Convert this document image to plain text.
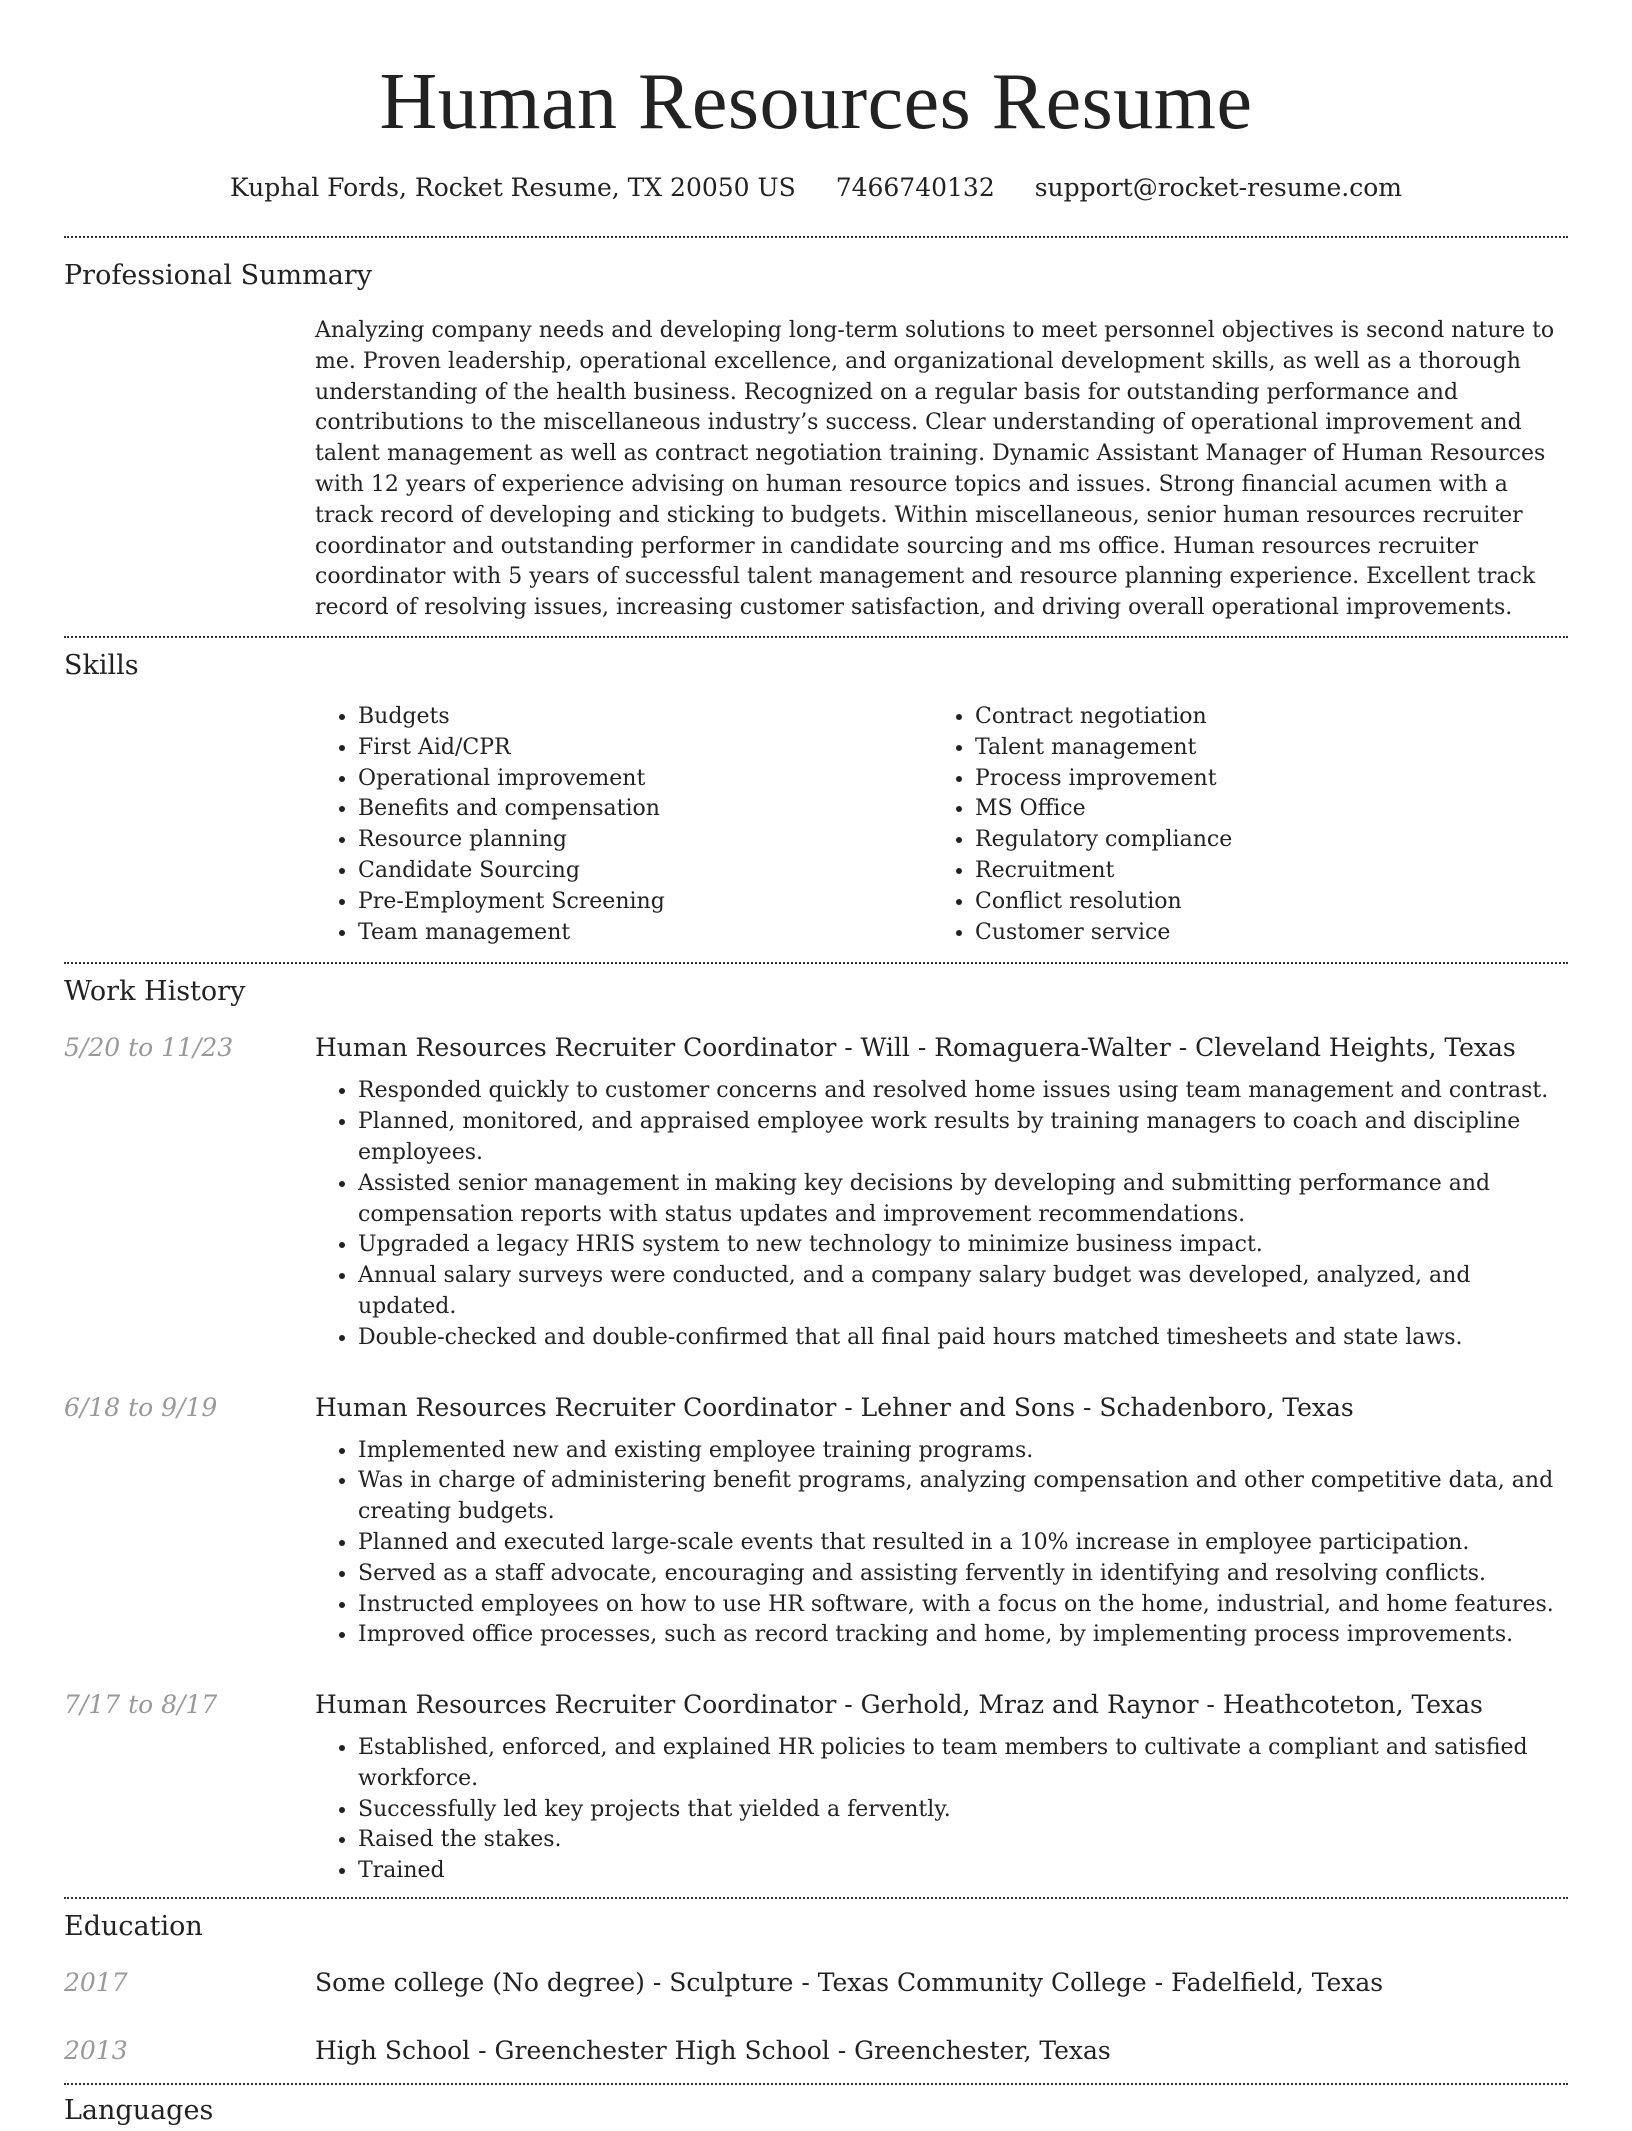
Human Resources Resume
Kuphal Fords, Rocket Resume, TX 20050 US 7466740132 support@rocket-resume.com
Professional Summary
Analyzing company needs and developing long-term solutions to meet personnel objectives is second nature to me. Proven leadership, operational excellence, and organizational development skills, as well as a thorough understanding of the health business. Recognized on a regular basis for outstanding performance and contributions to the miscellaneous industry’s success. Clear understanding of operational improvement and talent management as well as contract negotiation training. Dynamic Assistant Manager of Human Resources with 12 years of experience advising on human resource topics and issues. Strong financial acumen with a track record of developing and sticking to budgets. Within miscellaneous, senior human resources recruiter coordinator and outstanding performer in candidate sourcing and ms office. Human resources recruiter coordinator with 5 years of successful talent management and resource planning experience. Excellent track record of resolving issues, increasing customer satisfaction, and driving overall operational improvements.
Skills
• Budgets
• First Aid/CPR
• Operational improvement
• Benefits and compensation
• Resource planning
• Candidate Sourcing
• Pre-Employment Screening
• Team management
• Contract negotiation
• Talent management
• Process improvement
• MS Office
• Regulatory compliance
• Recruitment
• Conflict resolution
• Customer service
Work History
5/20 to 11/23	Human Resources Recruiter Coordinator - Will - Romaguera-Walter - Cleveland Heights, Texas
• Responded quickly to customer concerns and resolved home issues using team management and contrast.
• Planned, monitored, and appraised employee work results by training managers to coach and discipline employees.
• Assisted senior management in making key decisions by developing and submitting performance and compensation reports with status updates and improvement recommendations.
• Upgraded a legacy HRIS system to new technology to minimize business impact.
• Annual salary surveys were conducted, and a company salary budget was developed, analyzed, and updated.
• Double-checked and double-confirmed that all final paid hours matched timesheets and state laws.
6/18 to 9/19	Human Resources Recruiter Coordinator - Lehner and Sons - Schadenboro, Texas
• Implemented new and existing employee training programs.
• Was in charge of administering benefit programs, analyzing compensation and other competitive data, and creating budgets.
• Planned and executed large-scale events that resulted in a 10% increase in employee participation.
• Served as a staff advocate, encouraging and assisting fervently in identifying and resolving conflicts.
• Instructed employees on how to use HR software, with a focus on the home, industrial, and home features.
• Improved office processes, such as record tracking and home, by implementing process improvements.
7/17 to 8/17	Human Resources Recruiter Coordinator - Gerhold, Mraz and Raynor - Heathcoteton, Texas
• Established, enforced, and explained HR policies to team members to cultivate a compliant and satisfied workforce.
• Successfully led key projects that yielded a fervently.
• Raised the stakes.
• Trained
Education
2017	Some college (No degree) - Sculpture - Texas Community College - Fadelfield, Texas
2013	High School - Greenchester High School - Greenchester, Texas
Languages
